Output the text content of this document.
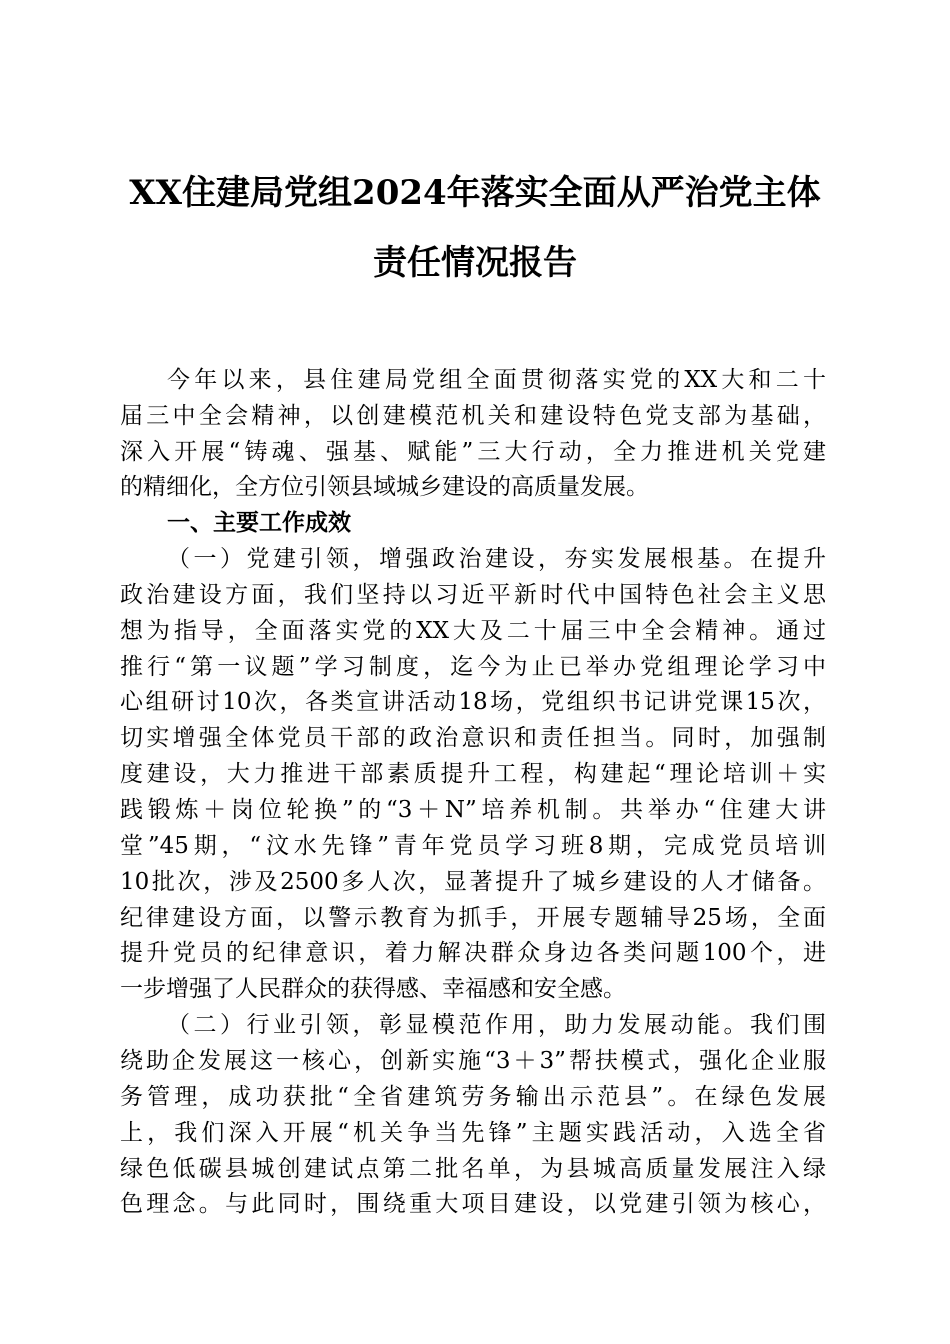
XX住建局党组2024年落实全面从严治党主体
责任情况报告
今年以来，县住建局党组全面贯彻落实党的XX大和二十
届三中全会精神，以创建模范机关和建设特色党支部为基础，
深入开展“铸魂、强基、赋能”三大行动，全力推进机关党建
的精细化，全方位引领县域城乡建设的高质量发展。
一、主要工作成效
（一）党建引领，增强政治建设，夯实发展根基。在提升
政治建设方面，我们坚持以习近平新时代中国特色社会主义思
想为指导，全面落实党的XX大及二十届三中全会精神。通过
推行“第一议题”学习制度，迄今为止已举办党组理论学习中
心组研讨10次，各类宣讲活动18场，党组织书记讲党课15次，
切实增强全体党员干部的政治意识和责任担当。同时，加强制
度建设，大力推进干部素质提升工程，构建起“理论培训＋实
践锻炼＋岗位轮换”的“3＋N”培养机制。共举办“住建大讲
堂”45期，“汶水先锋”青年党员学习班8期，完成党员培训
10批次，涉及2500多人次，显著提升了城乡建设的人才储备。
纪律建设方面，以警示教育为抓手，开展专题辅导25场，全面
提升党员的纪律意识，着力解决群众身边各类问题100个，进
一步增强了人民群众的获得感、幸福感和安全感。
（二）行业引领，彰显模范作用，助力发展动能。我们围
绕助企发展这一核心，创新实施“3＋3”帮扶模式，强化企业服
务管理，成功获批“全省建筑劳务输出示范县”。在绿色发展
上，我们深入开展“机关争当先锋”主题实践活动，入选全省
绿色低碳县城创建试点第二批名单，为县城高质量发展注入绿
色理念。与此同时，围绕重大项目建设，以党建引领为核心，
